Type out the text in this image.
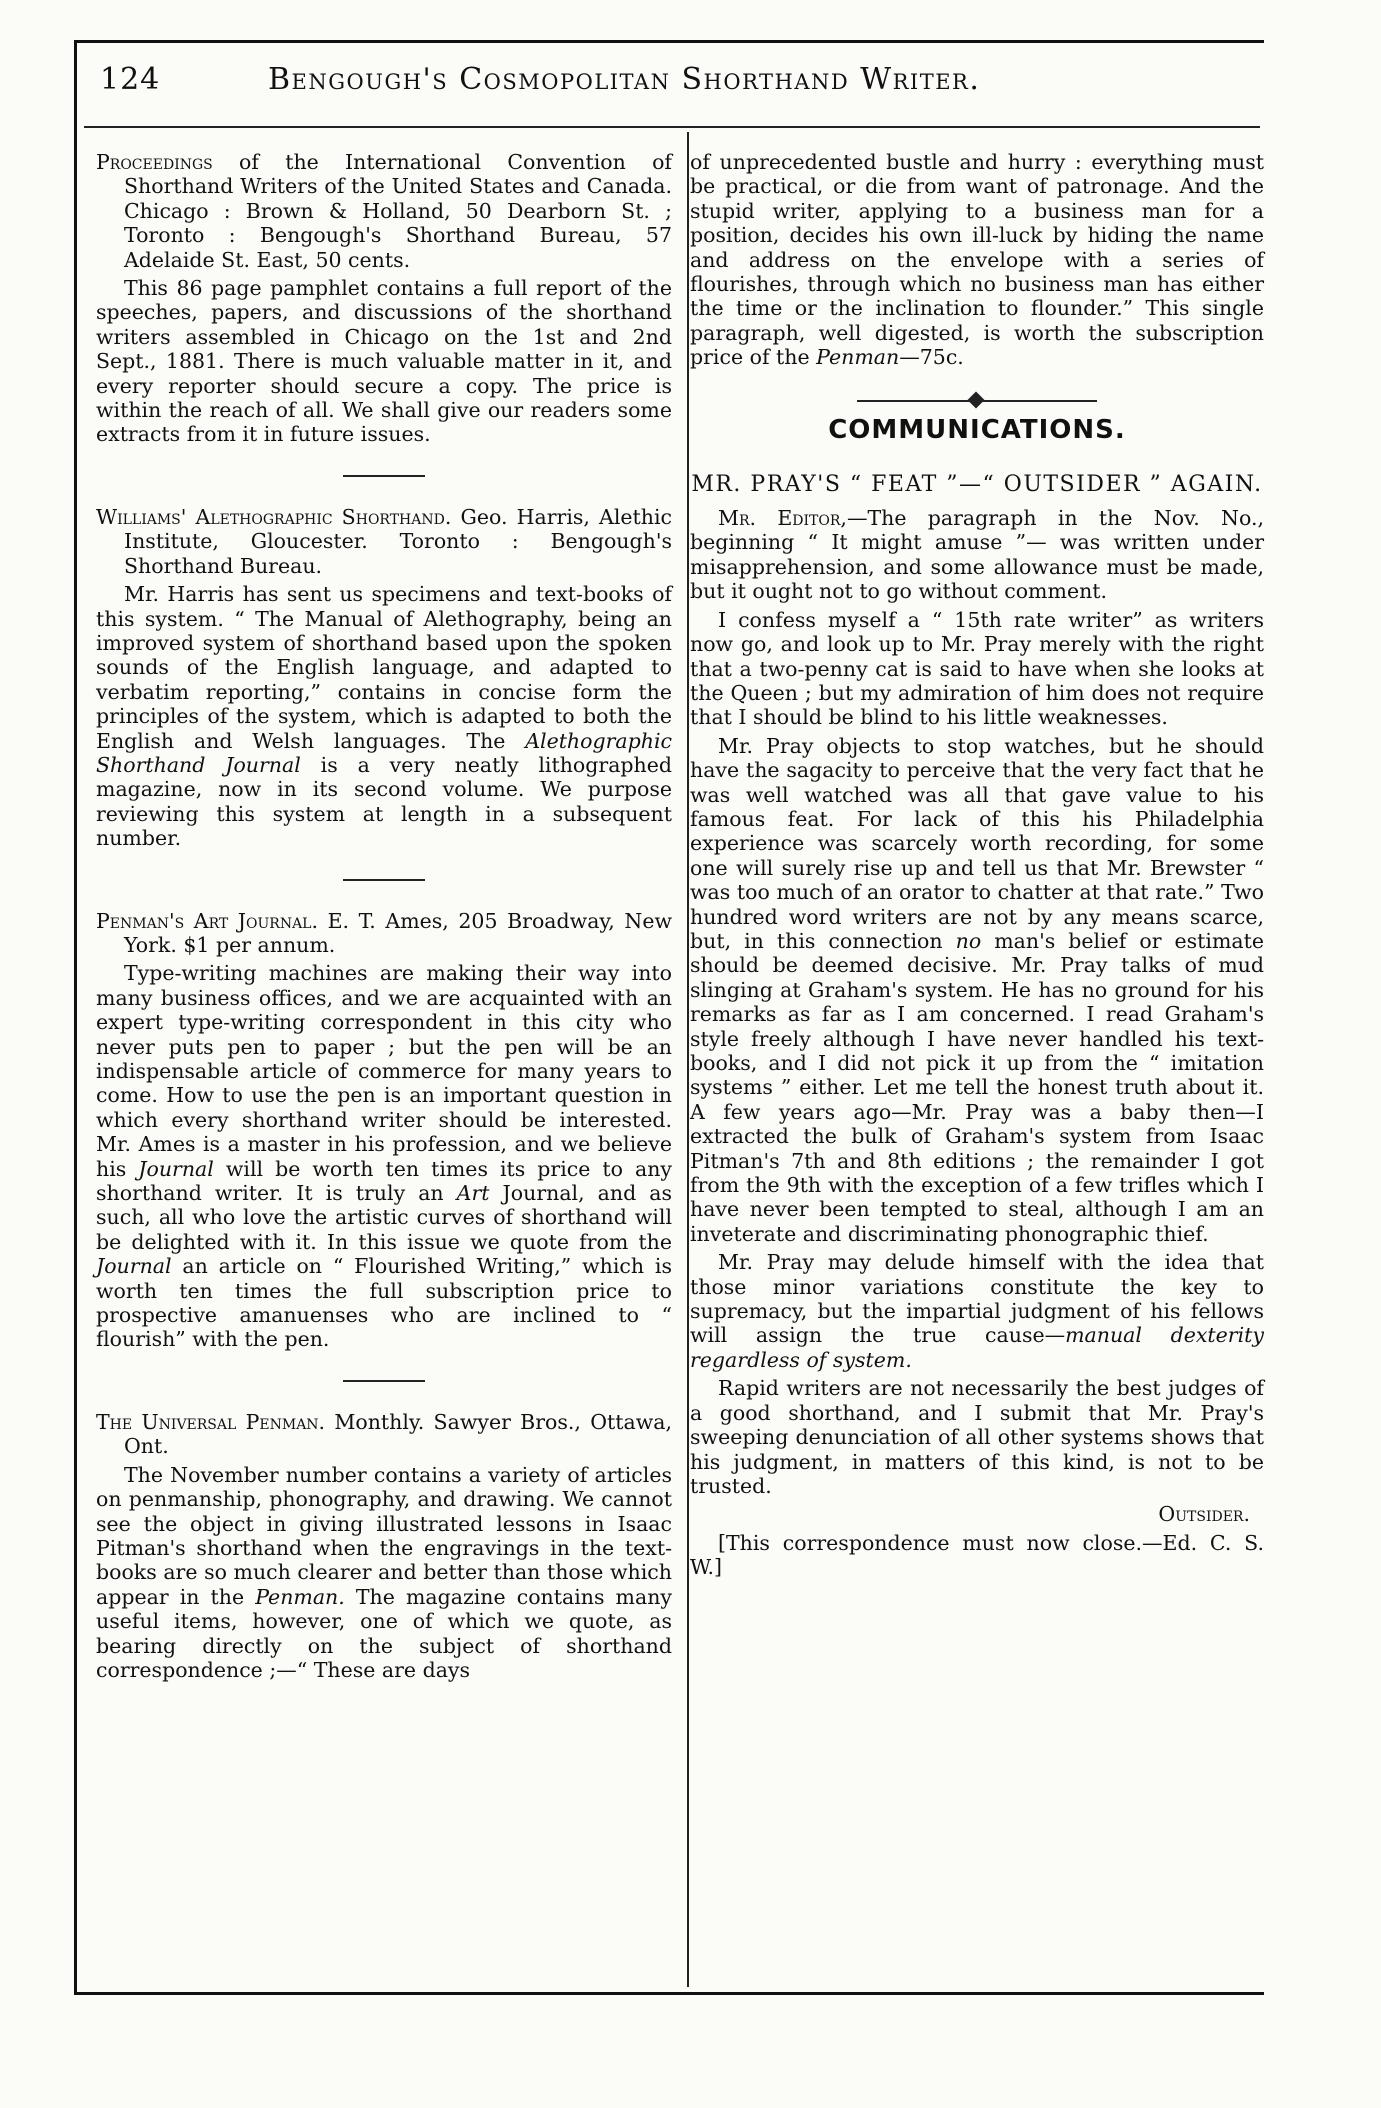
124	Bengough's Cosmopolitan Shorthand Writer.

Proceedings of the International Convention of Shorthand Writers of the United States and Canada. Chicago : Brown & Holland, 50 Dearborn St. ; Toronto : Bengough's Shorthand Bureau, 57 Adelaide St. East, 50 cents.

This 86 page pamphlet contains a full report of the speeches, papers, and discussions of the shorthand writers assembled in Chicago on the 1st and 2nd Sept., 1881. There is much valuable matter in it, and every reporter should secure a copy. The price is within the reach of all. We shall give our readers some extracts from it in future issues.

Williams' Alethographic Shorthand. Geo. Harris, Alethic Institute, Gloucester. Toronto : Bengough's Shorthand Bureau.

Mr. Harris has sent us specimens and text-books of this system. “ The Manual of Alethography, being an improved system of shorthand based upon the spoken sounds of the English language, and adapted to verbatim reporting,” contains in concise form the principles of the system, which is adapted to both the English and Welsh languages. The Alethographic Shorthand Journal is a very neatly lithographed magazine, now in its second volume. We purpose reviewing this system at length in a subsequent number.

Penman's Art Journal. E. T. Ames, 205 Broadway, New York. $1 per annum.

Type-writing machines are making their way into many business offices, and we are acquainted with an expert type-writing correspondent in this city who never puts pen to paper ; but the pen will be an indispensable article of commerce for many years to come. How to use the pen is an important question in which every shorthand writer should be interested. Mr. Ames is a master in his profession, and we believe his Journal will be worth ten times its price to any shorthand writer. It is truly an Art Journal, and as such, all who love the artistic curves of shorthand will be delighted with it. In this issue we quote from the Journal an article on “ Flourished Writing,” which is worth ten times the full subscription price to prospective amanuenses who are inclined to “ flourish” with the pen.

The Universal Penman. Monthly. Sawyer Bros., Ottawa, Ont.

The November number contains a variety of articles on penmanship, phonography, and drawing. We cannot see the object in giving illustrated lessons in Isaac Pitman's shorthand when the engravings in the text-books are so much clearer and better than those which appear in the Penman. The magazine contains many useful items, however, one of which we quote, as bearing directly on the subject of shorthand correspondence ;—“ These are days

of unprecedented bustle and hurry : everything must be practical, or die from want of patronage. And the stupid writer, applying to a business man for a position, decides his own ill-luck by hiding the name and address on the envelope with a series of flourishes, through which no business man has either the time or the inclination to flounder.” This single paragraph, well digested, is worth the subscription price of the Penman—75c.

COMMUNICATIONS.
MR. PRAY'S “ FEAT ”—“ OUTSIDER ” AGAIN.

Mr. Editor,—The paragraph in the Nov. No., beginning “ It might amuse ”— was written under misapprehension, and some allowance must be made, but it ought not to go without comment.

I confess myself a “ 15th rate writer” as writers now go, and look up to Mr. Pray merely with the right that a two-penny cat is said to have when she looks at the Queen ; but my admiration of him does not require that I should be blind to his little weaknesses.

Mr. Pray objects to stop watches, but he should have the sagacity to perceive that the very fact that he was well watched was all that gave value to his famous feat. For lack of this his Philadelphia experience was scarcely worth recording, for some one will surely rise up and tell us that Mr. Brewster “ was too much of an orator to chatter at that rate.” Two hundred word writers are not by any means scarce, but, in this connection no man's belief or estimate should be deemed decisive. Mr. Pray talks of mud slinging at Graham's system. He has no ground for his remarks as far as I am concerned. I read Graham's style freely although I have never handled his text-books, and I did not pick it up from the “ imitation systems ” either. Let me tell the honest truth about it. A few years ago—Mr. Pray was a baby then—I extracted the bulk of Graham's system from Isaac Pitman's 7th and 8th editions ; the remainder I got from the 9th with the exception of a few trifles which I have never been tempted to steal, although I am an inveterate and discriminating phonographic thief.

Mr. Pray may delude himself with the idea that those minor variations constitute the key to supremacy, but the impartial judgment of his fellows will assign the true cause—manual dexterity regardless of system.

Rapid writers are not necessarily the best judges of a good shorthand, and I submit that Mr. Pray's sweeping denunciation of all other systems shows that his judgment, in matters of this kind, is not to be trusted.

Outsider.

[This correspondence must now close.—Ed. C. S. W.]
